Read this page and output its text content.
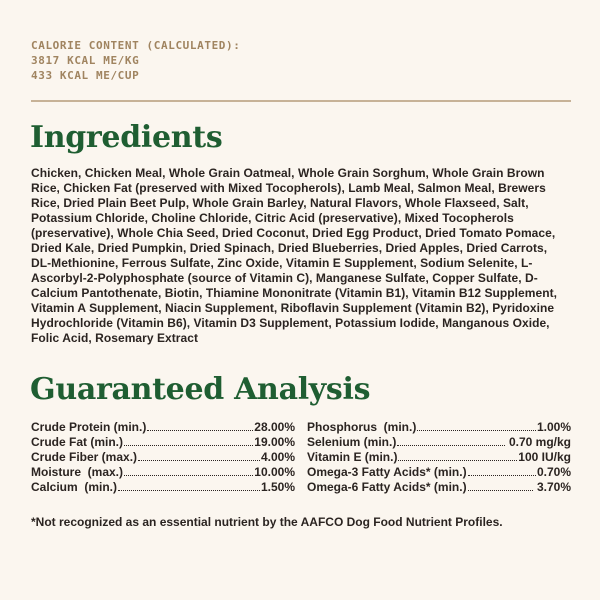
CALORIE CONTENT (CALCULATED):
3817 KCAL ME/KG
433 KCAL ME/CUP
Ingredients

Chicken, Chicken Meal, Whole Grain Oatmeal, Whole Grain Sorghum, Whole Grain Brown Rice, Chicken Fat (preserved with Mixed Tocopherols), Lamb Meal, Salmon Meal, Brewers Rice, Dried Plain Beet Pulp, Whole Grain Barley, Natural Flavors, Whole Flaxseed, Salt, Potassium Chloride, Choline Chloride, Citric Acid (preservative), Mixed Tocopherols (preservative), Whole Chia Seed, Dried Coconut, Dried Egg Product, Dried Tomato Pomace, Dried Kale, Dried Pumpkin, Dried Spinach, Dried Blueberries, Dried Apples, Dried Carrots, DL-Methionine, Ferrous Sulfate, Zinc Oxide, Vitamin E Supplement, Sodium Selenite, L-Ascorbyl-2-Polyphosphate (source of Vitamin C), Manganese Sulfate, Copper Sulfate, D-Calcium Pantothenate, Biotin, Thiamine Mononitrate (Vitamin B1), Vitamin B12 Supplement, Vitamin A Supplement, Niacin Supplement, Riboflavin Supplement (Vitamin B2), Pyridoxine Hydrochloride (Vitamin B6), Vitamin D3 Supplement, Potassium Iodide, Manganous Oxide, Folic Acid, Rosemary Extract

Guaranteed Analysis
Crude Protein (min.)	28.00%
Crude Fat (min.)	19.00%
Crude Fiber (max.)	4.00%
Moisture  (max.)	10.00%
Calcium  (min.)	1.50%
Phosphorus  (min.)	1.00%
Selenium (min.)	0.70 mg/kg
Vitamin E (min.)	100 IU/kg
Omega-3 Fatty Acids* (min.)	0.70%
Omega-6 Fatty Acids* (min.)	3.70%
*Not recognized as an essential nutrient by the AAFCO Dog Food Nutrient Profiles.
